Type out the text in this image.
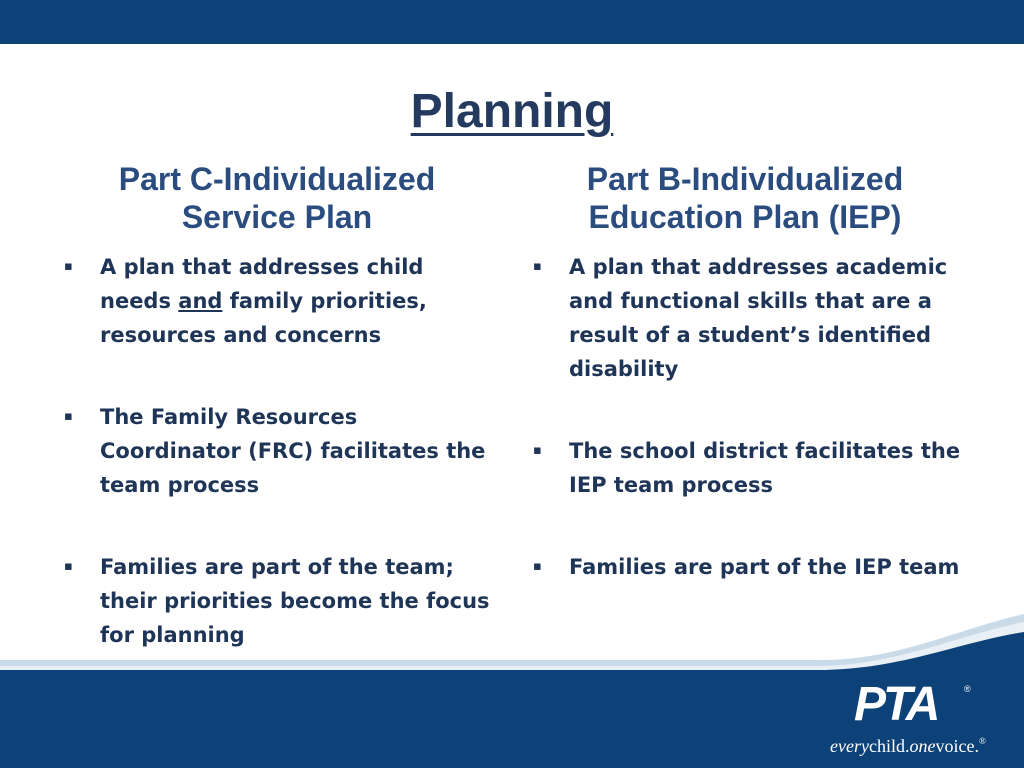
Planning
Part C-Individualized
Service Plan
Part B-Individualized
Education Plan (IEP)
▪ A plan that addresses child needs and family priorities, resources and concerns
▪ The Family Resources Coordinator (FRC) facilitates the team process
▪ Families are part of the team; their priorities become the focus for planning
▪ A plan that addresses academic and functional skills that are a result of a student’s identified disability
▪ The school district facilitates the IEP team process
▪ Families are part of the IEP team
PTA	®
everychild.onevoice.®
